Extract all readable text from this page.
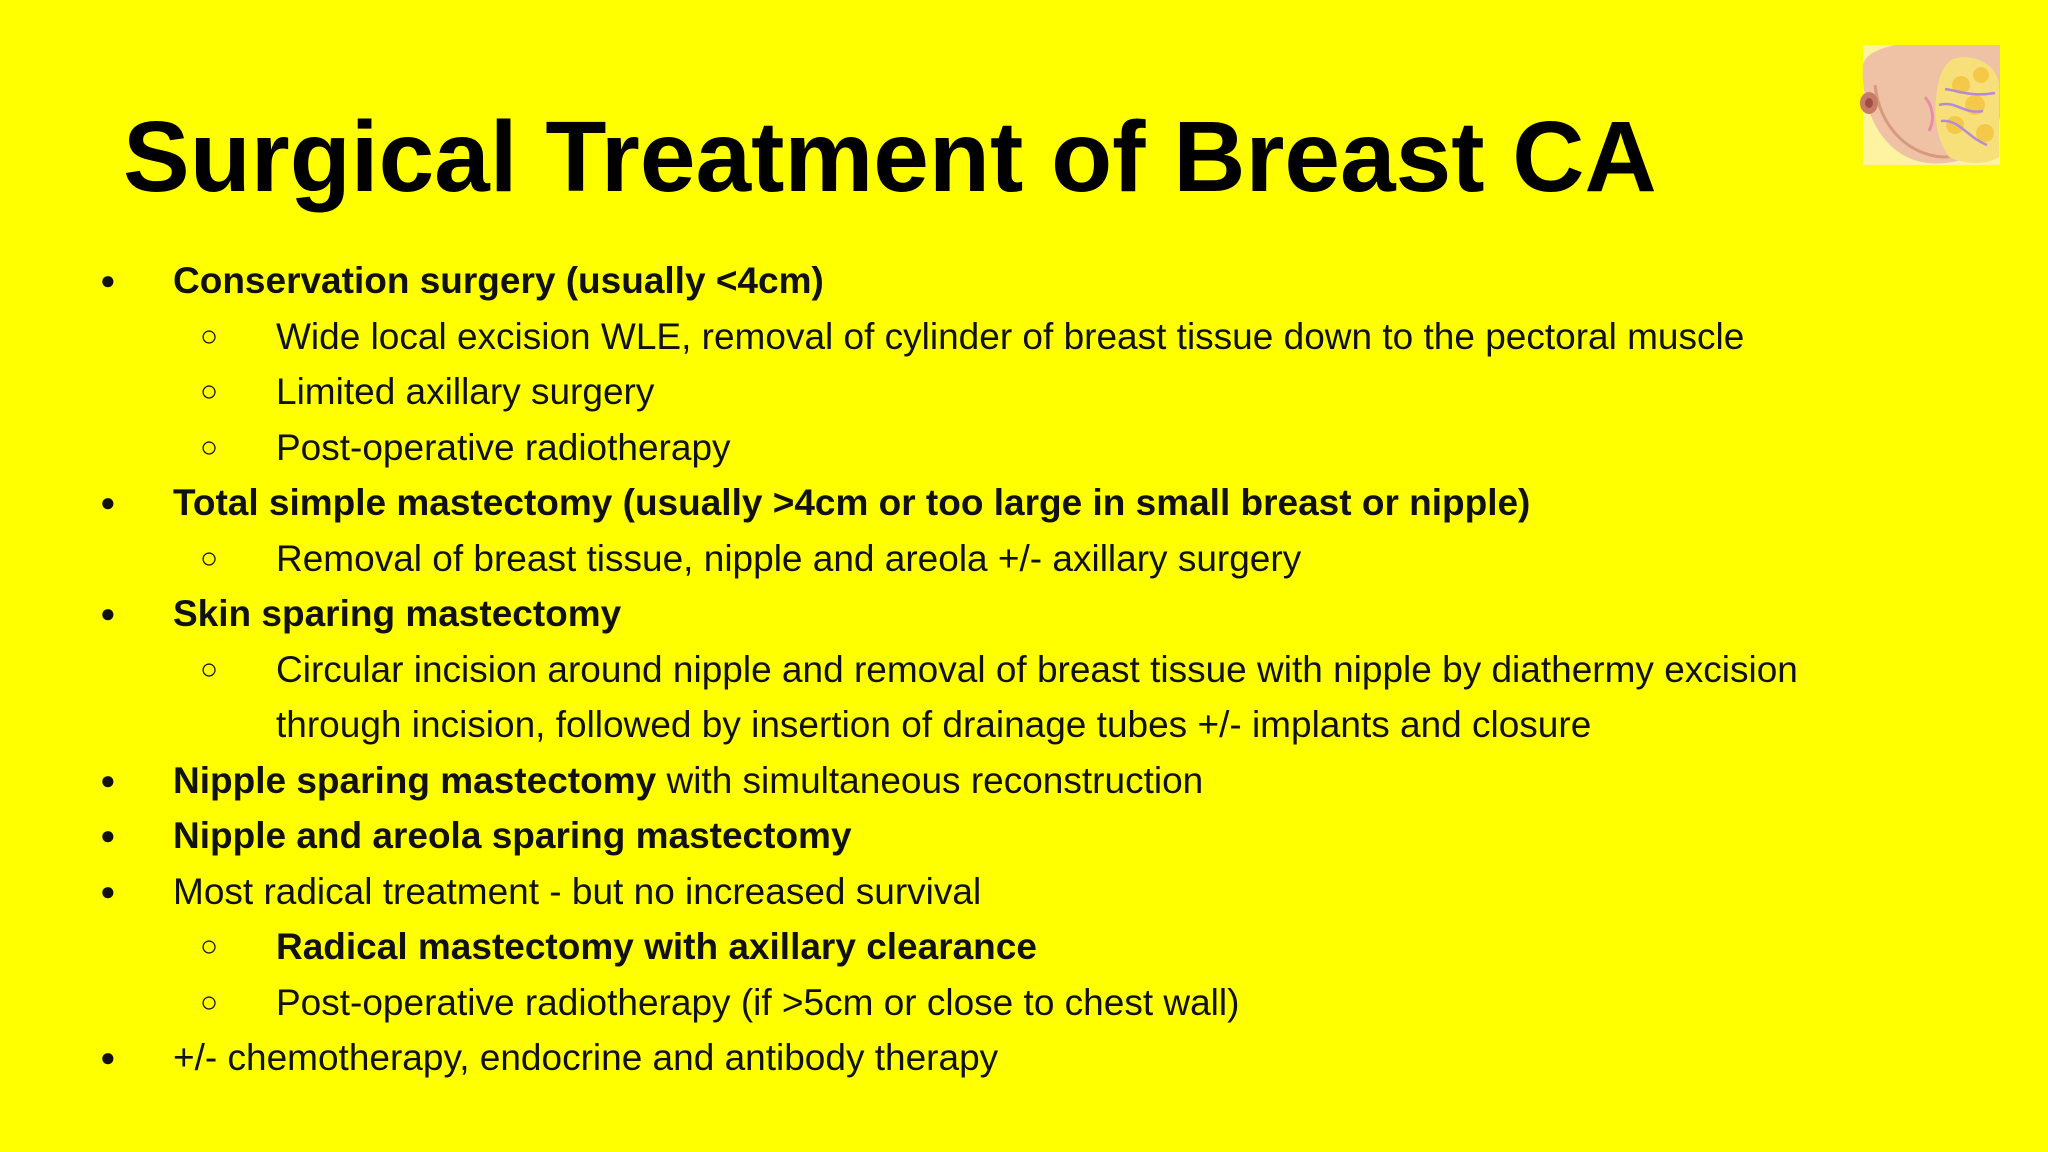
Surgical Treatment of Breast CA
● Conservation surgery (usually <4cm)
○ Wide local excision WLE, removal of cylinder of breast tissue down to the pectoral muscle
○ Limited axillary surgery
○ Post-operative radiotherapy
● Total simple mastectomy (usually >4cm or too large in small breast or nipple)
○ Removal of breast tissue, nipple and areola +/- axillary surgery
● Skin sparing mastectomy
○ Circular incision around nipple and removal of breast tissue with nipple by diathermy excision
through incision, followed by insertion of drainage tubes +/- implants and closure
● Nipple sparing mastectomy with simultaneous reconstruction
● Nipple and areola sparing mastectomy
● Most radical treatment - but no increased survival
○ Radical mastectomy with axillary clearance
○ Post-operative radiotherapy (if >5cm or close to chest wall)
● +/- chemotherapy, endocrine and antibody therapy
